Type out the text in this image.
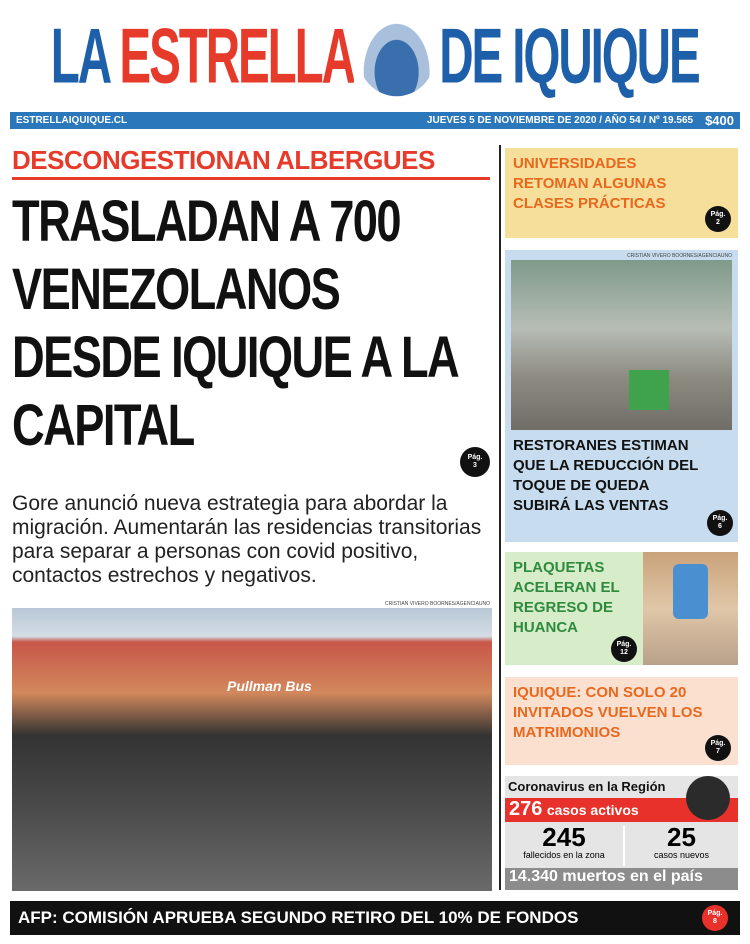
LA ESTRELLA DE IQUIQUE
ESTRELLAIQUIQUE.CL	JUEVES 5 DE NOVIEMBRE DE 2020 / AÑO 54 / Nº 19.565 $400
DESCONGESTIONAN ALBERGUES
TRASLADAN A 700 VENEZOLANOS DESDE IQUIQUE A LA CAPITAL	Pág.
3
Gore anunció nueva estrategia para abordar la migración. Aumentarán las residencias transitorias para separar a personas con covid positivo, contactos estrechos y negativos.
CRISTIAN VIVERO BOORNES/AGENCIAUNO
Pullman Bus
UNIVERSIDADES RETOMAN ALGUNAS CLASES PRÁCTICAS
Pág.
2
CRISTIAN VIVERO BOORNES/AGENCIAUNO
RESTORANES ESTIMAN QUE LA REDUCCIÓN DEL TOQUE DE QUEDA SUBIRÁ LAS VENTAS
Pág.
6
PLAQUETAS ACELERAN EL REGRESO DE HUANCA
Pág.
12
IQUIQUE: CON SOLO 20 INVITADOS VUELVEN LOS MATRIMONIOS
Pág.
7
Coronavirus en la Región
276 casos activos
245
fallecidos en la zona
25
casos nuevos
14.340 muertos en el país
AFP: COMISIÓN APRUEBA SEGUNDO RETIRO DEL 10% DE FONDOS	Pág.
8
